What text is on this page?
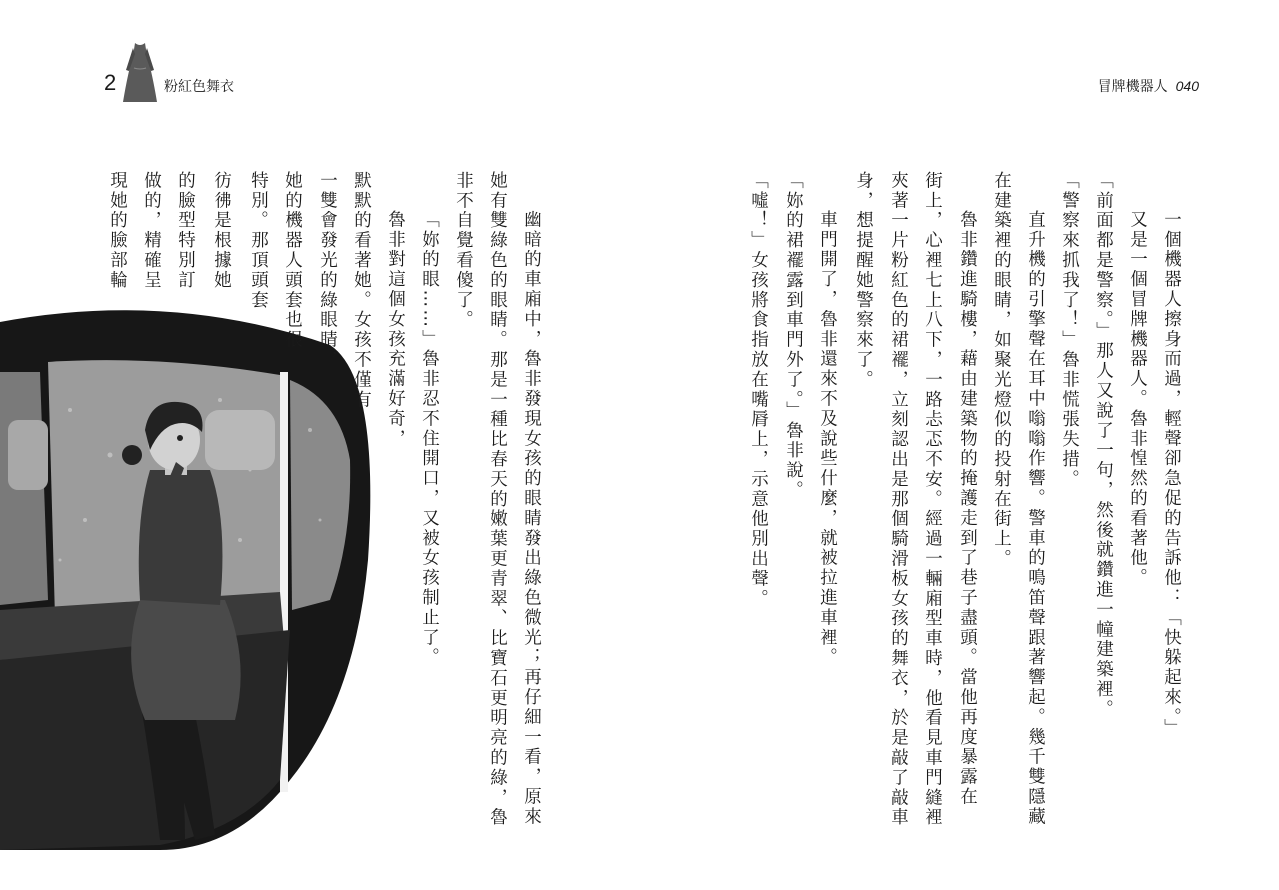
2	粉紅色舞衣
幽暗的車廂中，魯非發現女孩的眼睛發出綠色微光；再仔細一看，原來
她有雙綠色的眼睛。那是一種比春天的嫩葉更青翠、比寶石更明亮的綠，魯
非不自覺看傻了。
「妳的眼……」魯非忍不住開口，又被女孩制止了。
魯非對這個女孩充滿好奇，
默默的看著她。女孩不僅有
一雙會發光的綠眼睛，
她的機器人頭套也很
特別。那頂頭套
彷彿是根據她
的臉型特別訂
做的，精確呈
現她的臉部輪
冒牌機器人 040
一個機器人擦身而過，輕聲卻急促的告訴他：「快躲起來。」
又是一個冒牌機器人。魯非惶然的看著他。
「前面都是警察。」那人又說了一句，然後就鑽進一幢建築裡。
「警察來抓我了！」魯非慌張失措。
直升機的引擎聲在耳中嗡嗡作響。警車的鳴笛聲跟著響起。幾千雙隱藏
在建築裡的眼睛，如聚光燈似的投射在街上。
魯非鑽進騎樓，藉由建築物的掩護走到了巷子盡頭。當他再度暴露在
街上，心裡七上八下，一路忐忑不安。經過一輛廂型車時，他看見車門縫裡
夾著一片粉紅色的裙襬，立刻認出是那個騎滑板女孩的舞衣，於是敲了敲車
身，想提醒她警察來了。
車門開了，魯非還來不及說些什麼，就被拉進車裡。
「妳的裙襬露到車門外了。」魯非說。
「噓！」女孩將食指放在嘴脣上，示意他別出聲。
